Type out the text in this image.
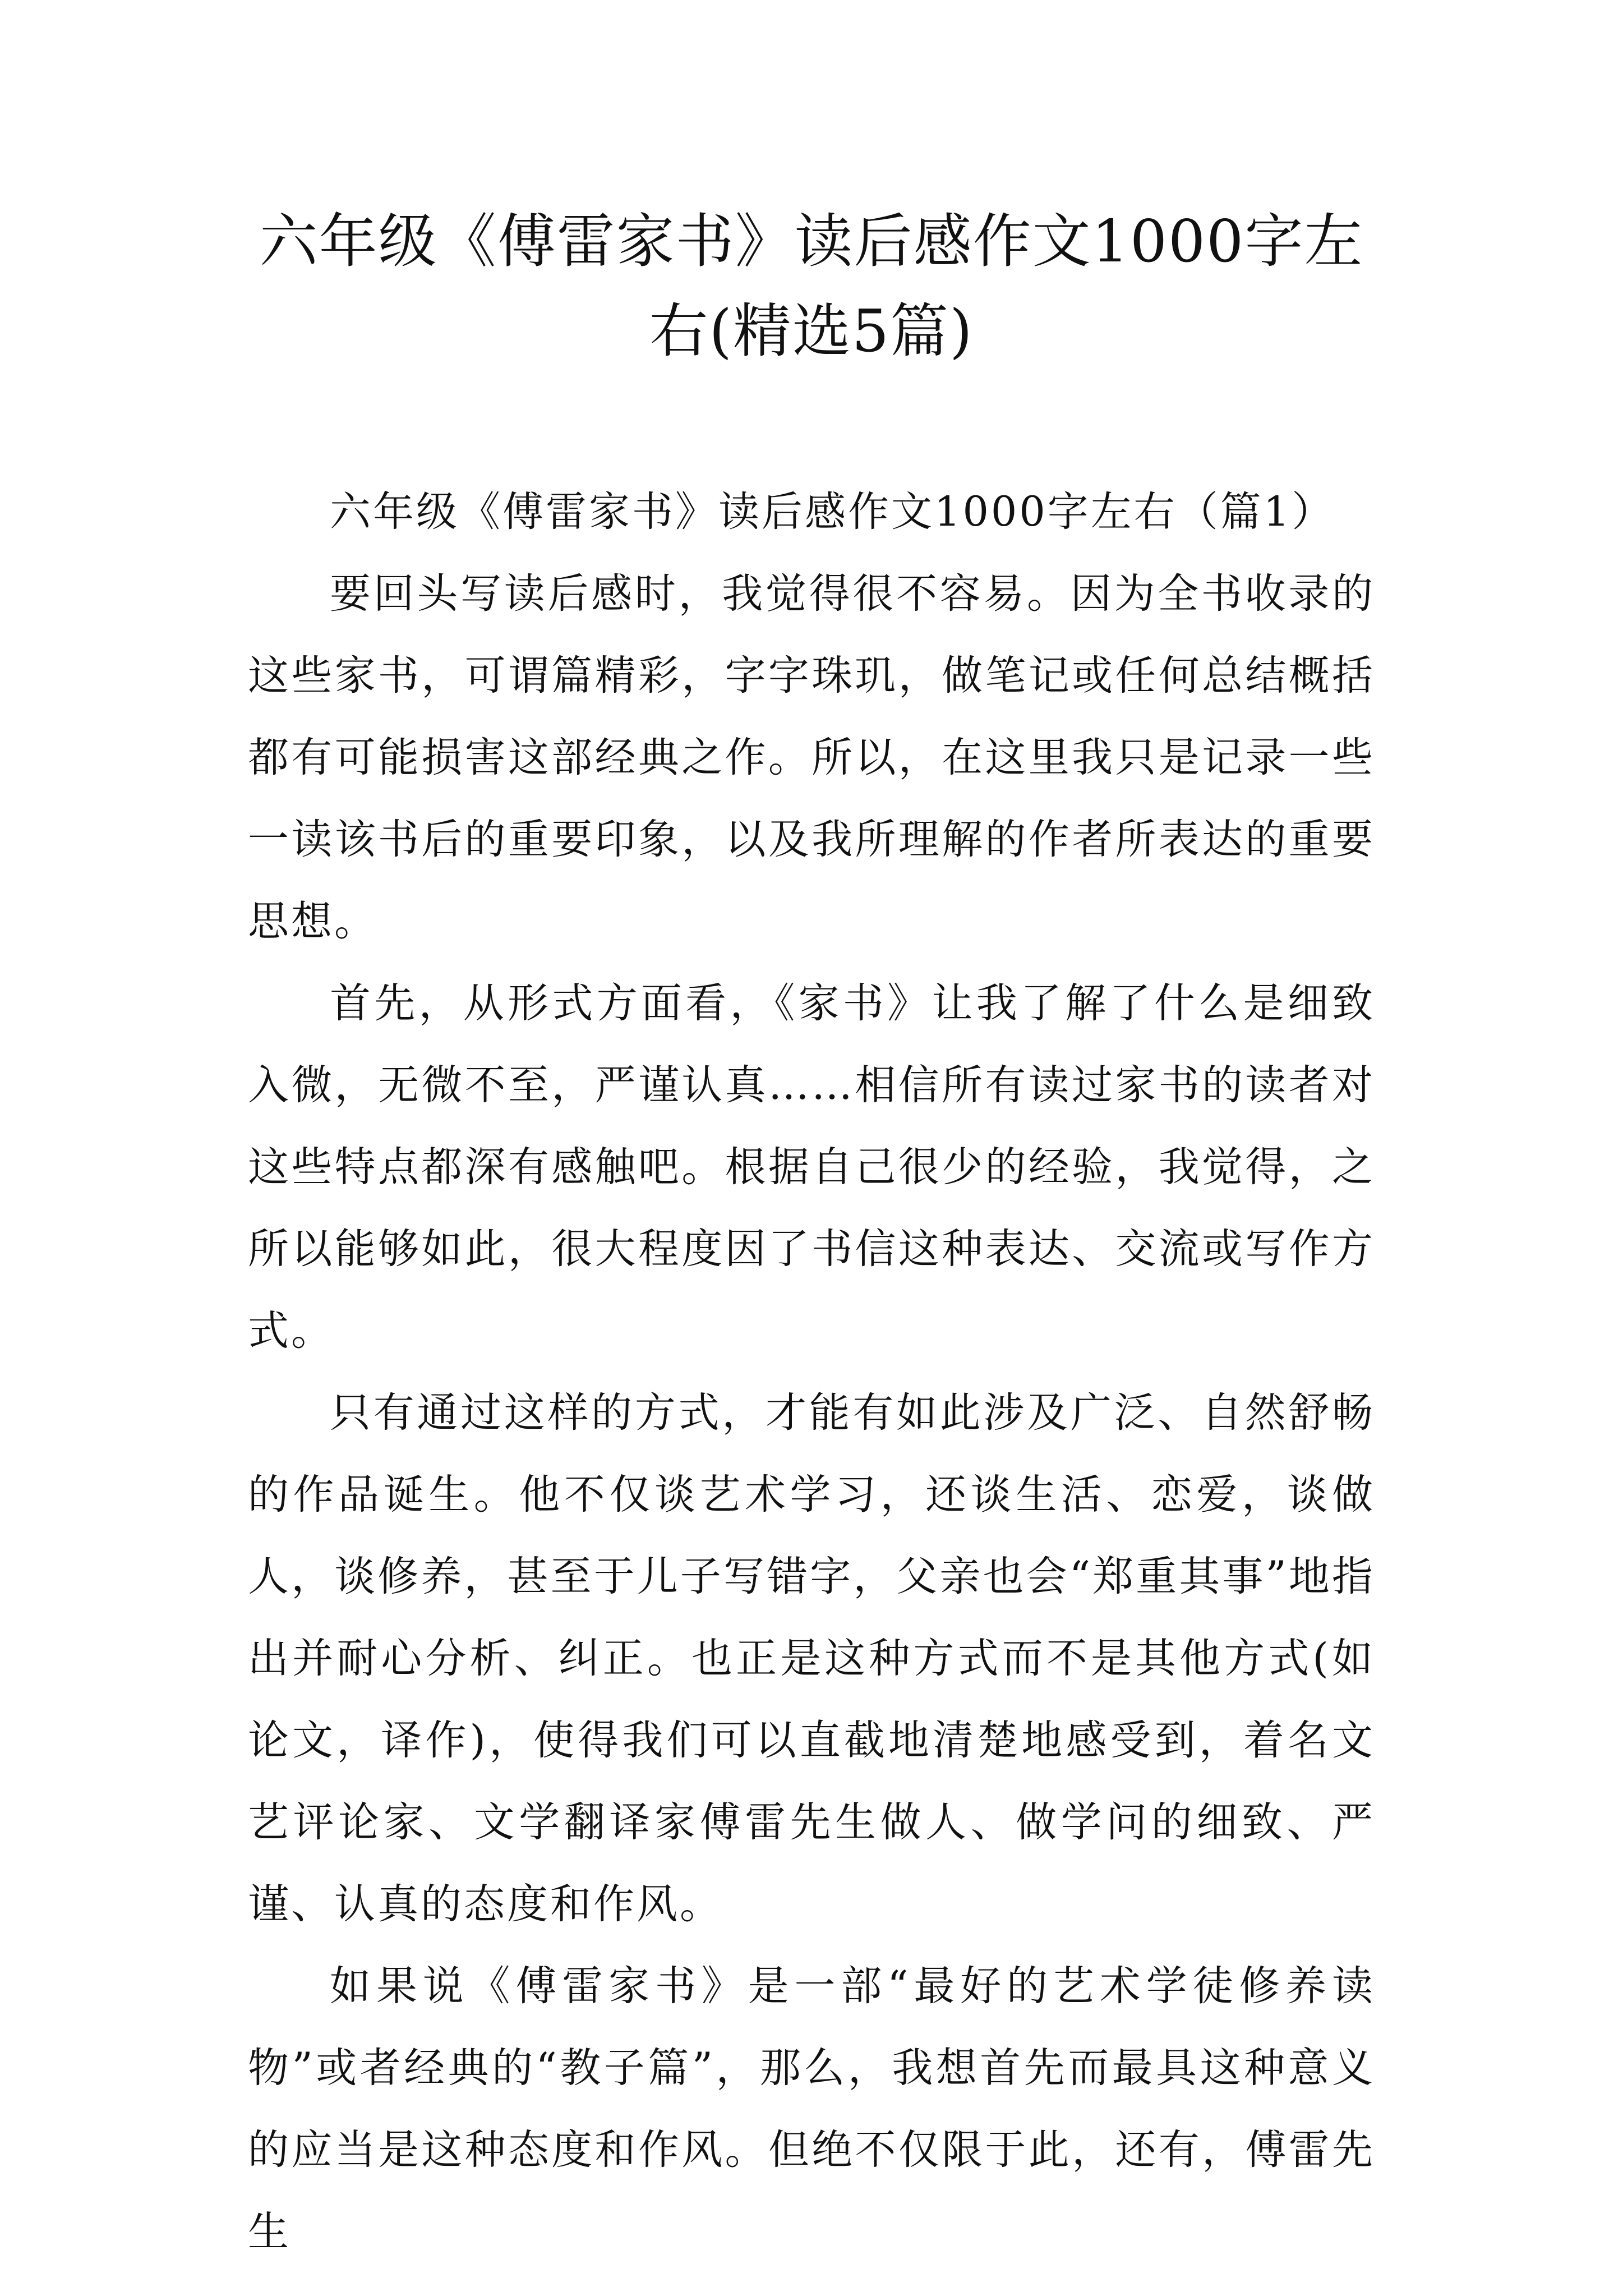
六年级《傅雷家书》读后感作文1000字左
右(精选5篇)

六年级《傅雷家书》读后感作文1000字左右（篇1）

要回头写读后感时，我觉得很不容易。因为全书收录的这些家书，可谓篇精彩，字字珠玑，做笔记或任何总结概括都有可能损害这部经典之作。所以，在这里我只是记录一些一读该书后的重要印象，以及我所理解的作者所表达的重要思想。

首先，从形式方面看，《家书》让我了解了什么是细致入微，无微不至，严谨认真……相信所有读过家书的读者对这些特点都深有感触吧。根据自己很少的经验，我觉得，之所以能够如此，很大程度因了书信这种表达、交流或写作方式。

只有通过这样的方式，才能有如此涉及广泛、自然舒畅的作品诞生。他不仅谈艺术学习，还谈生活、恋爱，谈做人，谈修养，甚至于儿子写错字，父亲也会“郑重其事”地指出并耐心分析、纠正。也正是这种方式而不是其他方式(如论文，译作)，使得我们可以直截地清楚地感受到，着名文艺评论家、文学翻译家傅雷先生做人、做学问的细致、严谨、认真的态度和作风。

如果说《傅雷家书》是一部“最好的艺术学徒修养读物”或者经典的“教子篇”，那么，我想首先而最具这种意义的应当是这种态度和作风。但绝不仅限于此，还有，傅雷先生
